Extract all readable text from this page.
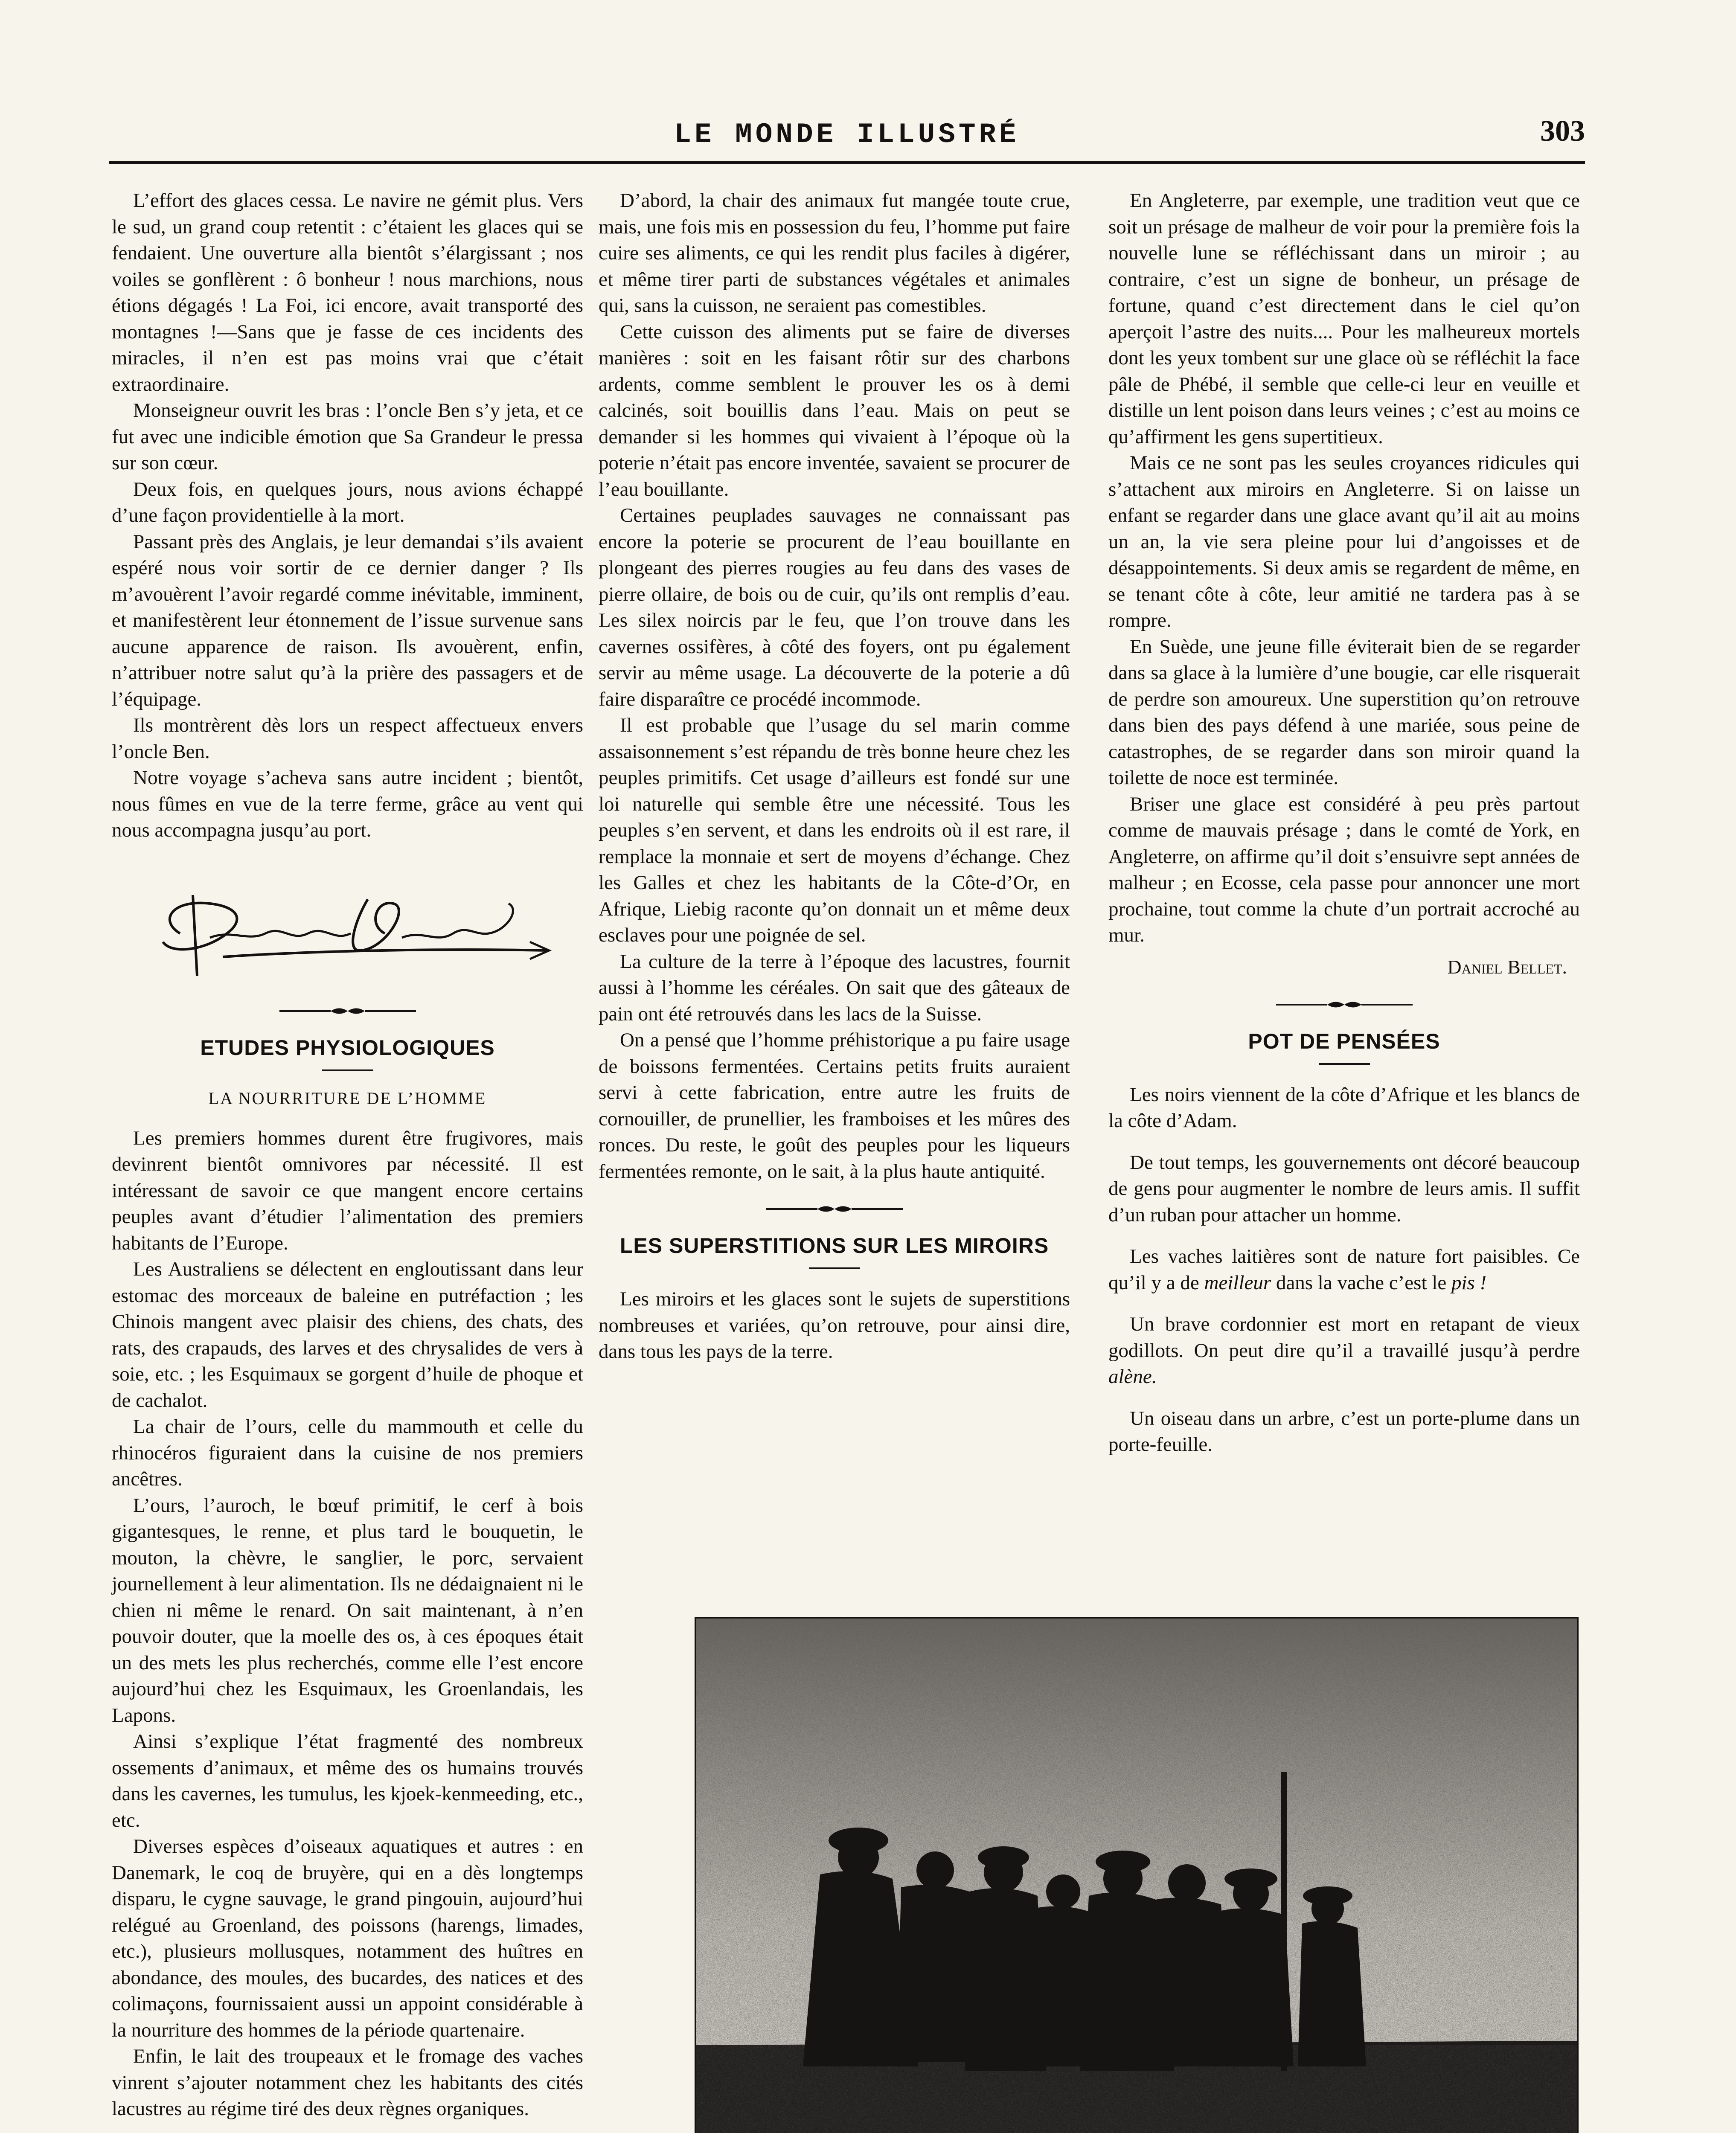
LE MONDE ILLUSTRÉ	303

L’effort des glaces cessa. Le navire ne gémit plus. Vers le sud, un grand coup retentit : c’étaient les glaces qui se fendaient. Une ouverture alla bientôt s’élargissant ; nos voiles se gonflèrent : ô bonheur ! nous marchions, nous étions dégagés ! La Foi, ici encore, avait transporté des montagnes !—Sans que je fasse de ces incidents des miracles, il n’en est pas moins vrai que c’était extraordinaire.

Monseigneur ouvrit les bras : l’oncle Ben s’y jeta, et ce fut avec une indicible émotion que Sa Grandeur le pressa sur son cœur.

Deux fois, en quelques jours, nous avions échappé d’une façon providentielle à la mort.

Passant près des Anglais, je leur demandai s’ils avaient espéré nous voir sortir de ce dernier danger ? Ils m’avouèrent l’avoir regardé comme inévitable, imminent, et manifestèrent leur étonnement de l’issue survenue sans aucune apparence de raison. Ils avouèrent, enfin, n’attribuer notre salut qu’à la prière des passagers et de l’équipage.

Ils montrèrent dès lors un respect affectueux envers l’oncle Ben.

Notre voyage s’acheva sans autre incident ; bientôt, nous fûmes en vue de la terre ferme, grâce au vent qui nous accompagna jusqu’au port.

ETUDES PHYSIOLOGIQUES
LA NOURRITURE DE L’HOMME

Les premiers hommes durent être frugivores, mais devinrent bientôt omnivores par nécessité. Il est intéressant de savoir ce que mangent encore certains peuples avant d’étudier l’alimentation des premiers habitants de l’Europe.

Les Australiens se délectent en engloutissant dans leur estomac des morceaux de baleine en putréfaction ; les Chinois mangent avec plaisir des chiens, des chats, des rats, des crapauds, des larves et des chrysalides de vers à soie, etc. ; les Esquimaux se gorgent d’huile de phoque et de cachalot.

La chair de l’ours, celle du mammouth et celle du rhinocéros figuraient dans la cuisine de nos premiers ancêtres.

L’ours, l’auroch, le bœuf primitif, le cerf à bois gigantesques, le renne, et plus tard le bouquetin, le mouton, la chèvre, le sanglier, le porc, servaient journellement à leur alimentation. Ils ne dédaignaient ni le chien ni même le renard. On sait maintenant, à n’en pouvoir douter, que la moelle des os, à ces époques était un des mets les plus recherchés, comme elle l’est encore aujourd’hui chez les Esquimaux, les Groenlandais, les Lapons.

Ainsi s’explique l’état fragmenté des nombreux ossements d’animaux, et même des os humains trouvés dans les cavernes, les tumulus, les kjoek-kenmeeding, etc., etc.

Diverses espèces d’oiseaux aquatiques et autres : en Danemark, le coq de bruyère, qui en a dès longtemps disparu, le cygne sauvage, le grand pingouin, aujourd’hui relégué au Groenland, des poissons (harengs, limades, etc.), plusieurs mollusques, notamment des huîtres en abondance, des moules, des bucardes, des natices et des colimaçons, fournissaient aussi un appoint considérable à la nourriture des hommes de la période quartenaire.

Enfin, le lait des troupeaux et le fromage des vaches vinrent s’ajouter notamment chez les habitants des cités lacustres au régime tiré des deux règnes organiques.

D’abord, la chair des animaux fut mangée toute crue, mais, une fois mis en possession du feu, l’homme put faire cuire ses aliments, ce qui les rendit plus faciles à digérer, et même tirer parti de substances végétales et animales qui, sans la cuisson, ne seraient pas comestibles.

Cette cuisson des aliments put se faire de diverses manières : soit en les faisant rôtir sur des charbons ardents, comme semblent le prouver les os à demi calcinés, soit bouillis dans l’eau. Mais on peut se demander si les hommes qui vivaient à l’époque où la poterie n’était pas encore inventée, savaient se procurer de l’eau bouillante.

Certaines peuplades sauvages ne connaissant pas encore la poterie se procurent de l’eau bouillante en plongeant des pierres rougies au feu dans des vases de pierre ollaire, de bois ou de cuir, qu’ils ont remplis d’eau. Les silex noircis par le feu, que l’on trouve dans les cavernes ossifères, à côté des foyers, ont pu également servir au même usage. La découverte de la poterie a dû faire disparaître ce procédé incommode.

Il est probable que l’usage du sel marin comme assaisonnement s’est répandu de très bonne heure chez les peuples primitifs. Cet usage d’ailleurs est fondé sur une loi naturelle qui semble être une nécessité. Tous les peuples s’en servent, et dans les endroits où il est rare, il remplace la monnaie et sert de moyens d’échange. Chez les Galles et chez les habitants de la Côte-d’Or, en Afrique, Liebig raconte qu’on donnait un et même deux esclaves pour une poignée de sel.

La culture de la terre à l’époque des lacustres, fournit aussi à l’homme les céréales. On sait que des gâteaux de pain ont été retrouvés dans les lacs de la Suisse.

On a pensé que l’homme préhistorique a pu faire usage de boissons fermentées. Certains petits fruits auraient servi à cette fabrication, entre autre les fruits de cornouiller, de prunellier, les framboises et les mûres des ronces. Du reste, le goût des peuples pour les liqueurs fermentées remonte, on le sait, à la plus haute antiquité.

LES SUPERSTITIONS SUR LES MIROIRS

Les miroirs et les glaces sont le sujets de superstitions nombreuses et variées, qu’on retrouve, pour ainsi dire, dans tous les pays de la terre.

En Angleterre, par exemple, une tradition veut que ce soit un présage de malheur de voir pour la première fois la nouvelle lune se réfléchissant dans un miroir ; au contraire, c’est un signe de bonheur, un présage de fortune, quand c’est directement dans le ciel qu’on aperçoit l’astre des nuits.... Pour les malheureux mortels dont les yeux tombent sur une glace où se réfléchit la face pâle de Phébé, il semble que celle-ci leur en veuille et distille un lent poison dans leurs veines ; c’est au moins ce qu’affirment les gens supertitieux.

Mais ce ne sont pas les seules croyances ridicules qui s’attachent aux miroirs en Angleterre. Si on laisse un enfant se regarder dans une glace avant qu’il ait au moins un an, la vie sera pleine pour lui d’angoisses et de désappointements. Si deux amis se regardent de même, en se tenant côte à côte, leur amitié ne tardera pas à se rompre.

En Suède, une jeune fille éviterait bien de se regarder dans sa glace à la lumière d’une bougie, car elle risquerait de perdre son amoureux. Une superstition qu’on retrouve dans bien des pays défend à une mariée, sous peine de catastrophes, de se regarder dans son miroir quand la toilette de noce est terminée.

Briser une glace est considéré à peu près partout comme de mauvais présage ; dans le comté de York, en Angleterre, on affirme qu’il doit s’ensuivre sept années de malheur ; en Ecosse, cela passe pour annoncer une mort prochaine, tout comme la chute d’un portrait accroché au mur.

Daniel Bellet.
POT DE PENSÉES

Les noirs viennent de la côte d’Afrique et les blancs de la côte d’Adam.

De tout temps, les gouvernements ont décoré beaucoup de gens pour augmenter le nombre de leurs amis. Il suffit d’un ruban pour attacher un homme.

Les vaches laitières sont de nature fort paisibles. Ce qu’il y a de meilleur dans la vache c’est le pis !

Un brave cordonnier est mort en retapant de vieux godillots. On peut dire qu’il a travaillé jusqu’à perdre alène.

Un oiseau dans un arbre, c’est un porte-plume dans un porte-feuille.
